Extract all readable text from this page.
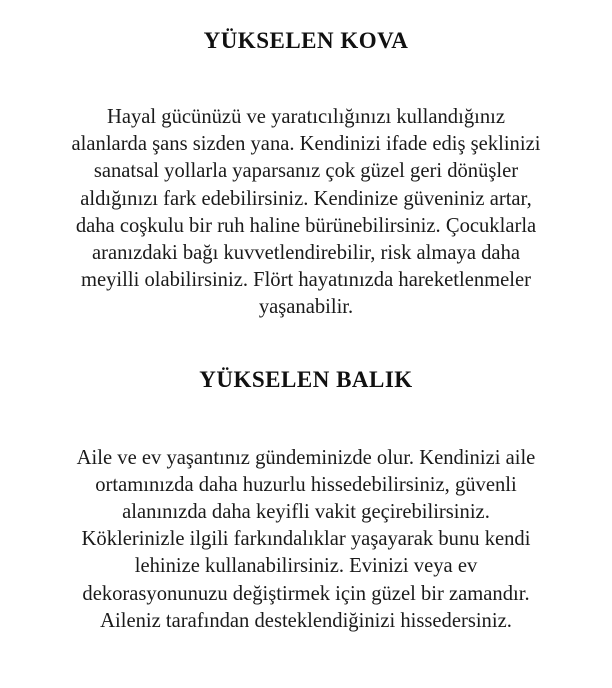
YÜKSELEN KOVA

Hayal gücünüzü ve yaratıcılığınızı kullandığınız
alanlarda şans sizden yana. Kendinizi ifade ediş şeklinizi
sanatsal yollarla yaparsanız çok güzel geri dönüşler
aldığınızı fark edebilirsiniz. Kendinize güveniniz artar,
daha coşkulu bir ruh haline bürünebilirsiniz. Çocuklarla
aranızdaki bağı kuvvetlendirebilir, risk almaya daha
meyilli olabilirsiniz. Flört hayatınızda hareketlenmeler
yaşanabilir.

YÜKSELEN BALIK

Aile ve ev yaşantınız gündeminizde olur. Kendinizi aile
ortamınızda daha huzurlu hissedebilirsiniz, güvenli
alanınızda daha keyifli vakit geçirebilirsiniz.
Köklerinizle ilgili farkındalıklar yaşayarak bunu kendi
lehinize kullanabilirsiniz. Evinizi veya ev
dekorasyonunuzu değiştirmek için güzel bir zamandır.
Aileniz tarafından desteklendiğinizi hissedersiniz.
